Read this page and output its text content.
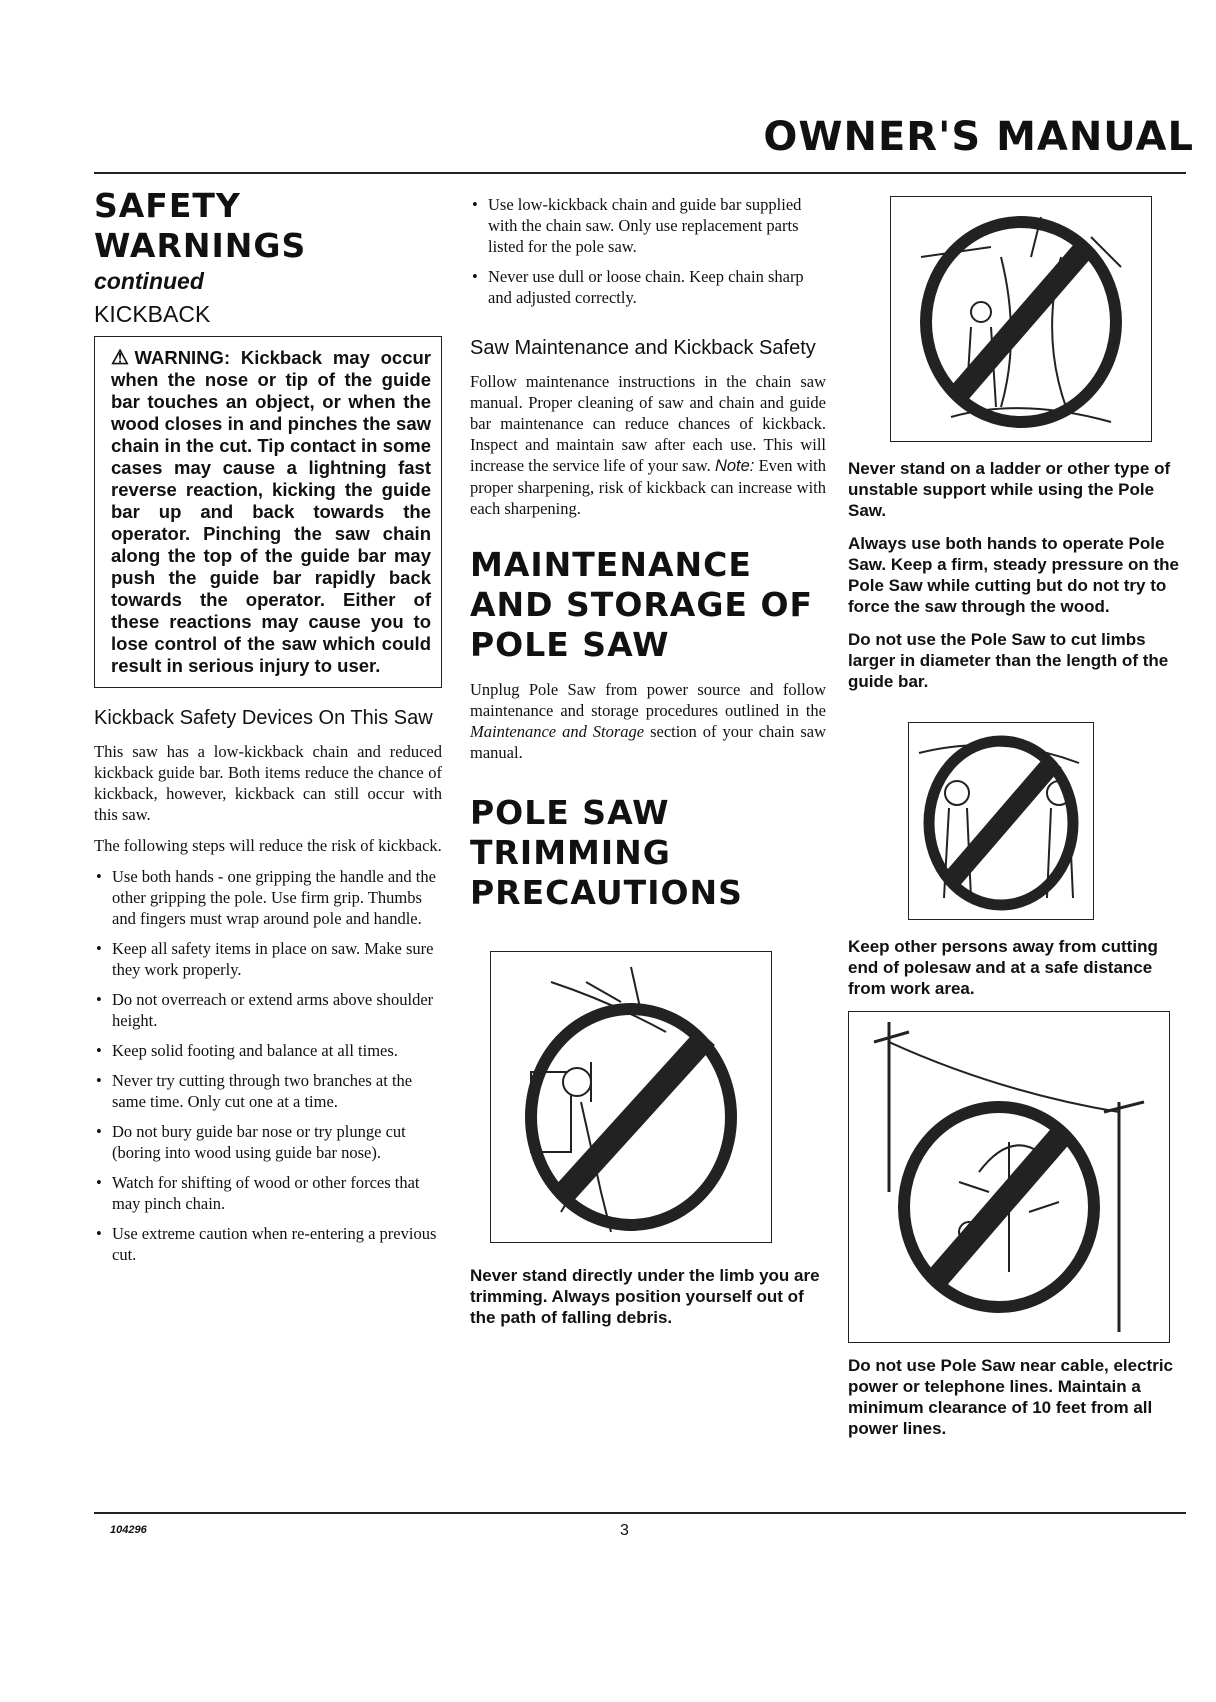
OWNER'S MANUAL
SAFETY
WARNINGS
continued
KICKBACK
⚠WARNING: Kickback may occur when the nose or tip of the guide bar touches an object, or when the wood closes in and pinches the saw chain in the cut. Tip contact in some cases may cause a lightning fast reverse reaction, kicking the guide bar up and back towards the operator. Pinching the saw chain along the top of the guide bar may push the guide bar rapidly back towards the operator. Either of these reactions may cause you to lose control of the saw which could result in serious injury to user.
Kickback Safety Devices On This Saw

This saw has a low-kickback chain and reduced kickback guide bar. Both items reduce the chance of kickback, however, kickback can still occur with this saw.

The following steps will reduce the risk of kickback.

• Use both hands - one gripping the handle and the other gripping the pole. Use firm grip. Thumbs and fingers must wrap around pole and handle.
• Keep all safety items in place on saw. Make sure they work properly.
• Do not overreach or extend arms above shoulder height.
• Keep solid footing and balance at all times.
• Never try cutting through two branches at the same time. Only cut one at a time.
• Do not bury guide bar nose or try plunge cut (boring into wood using guide bar nose).
• Watch for shifting of wood or other forces that may pinch chain.
• Use extreme caution when re-entering a previous cut.
• Use low-kickback chain and guide bar supplied with the chain saw. Only use replacement parts listed for the pole saw.
• Never use dull or loose chain. Keep chain sharp and adjusted correctly.
Saw Maintenance and Kickback Safety

Follow maintenance instructions in the chain saw manual. Proper cleaning of saw and chain and guide bar maintenance can reduce chances of kickback. Inspect and maintain saw after each use. This will increase the service life of your saw. Note: Even with proper sharpening, risk of kickback can increase with each sharpening.

MAINTENANCE
AND STORAGE OF
POLE SAW

Unplug Pole Saw from power source and follow maintenance and storage procedures outlined in the Maintenance and Storage section of your chain saw manual.

POLE SAW
TRIMMING
PRECAUTIONS
Never stand directly under the limb you are trimming. Always position yourself out of the path of falling debris.
Never stand on a ladder or other type of unstable support while using the Pole Saw.
Always use both hands to operate Pole Saw. Keep a firm, steady pressure on the Pole Saw while cutting but do not try to force the saw through the wood.
Do not use the Pole Saw to cut limbs larger in diameter than the length of the guide bar.
Keep other persons away from cutting end of polesaw and at a safe distance from work area.
Do not use Pole Saw near cable, electric power or telephone lines. Maintain a minimum clearance of 10 feet from all power lines.
104296	3
